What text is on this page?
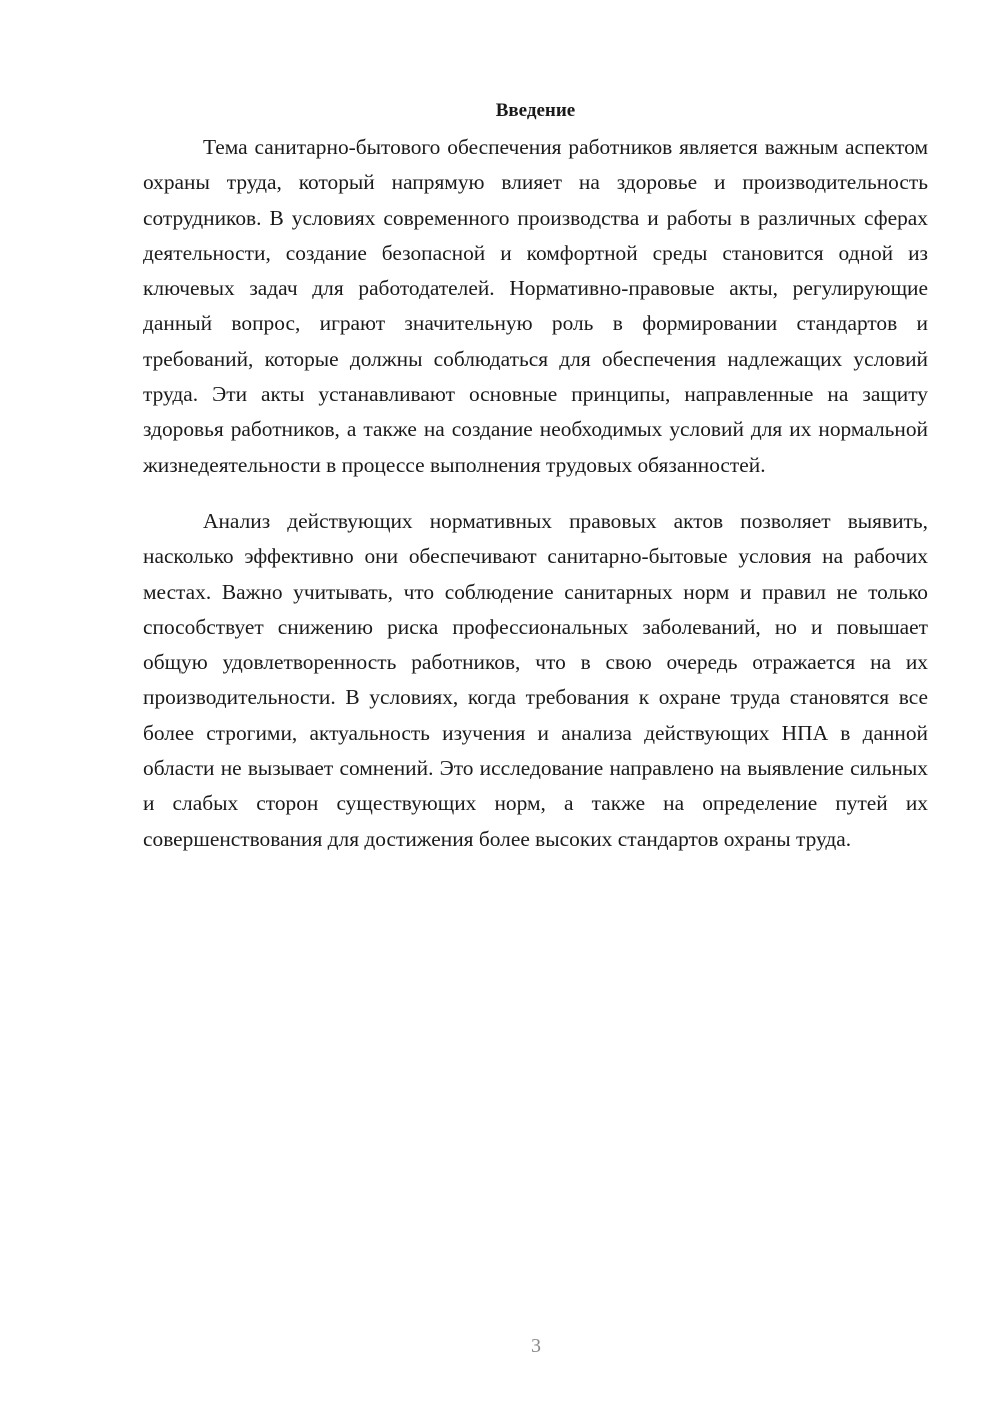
Введение

Тема санитарно-бытового обеспечения работников является важным аспектом охраны труда, который напрямую влияет на здоровье и производительность сотрудников. В условиях современного производства и работы в различных сферах деятельности, создание безопасной и комфортной среды становится одной из ключевых задач для работодателей. Нормативно-правовые акты, регулирующие данный вопрос, играют значительную роль в формировании стандартов и требований, которые должны соблюдаться для обеспечения надлежащих условий труда. Эти акты устанавливают основные принципы, направленные на защиту здоровья работников, а также на создание необходимых условий для их нормальной жизнедеятельности в процессе выполнения трудовых обязанностей.

Анализ действующих нормативных правовых актов позволяет выявить, насколько эффективно они обеспечивают санитарно-бытовые условия на рабочих местах. Важно учитывать, что соблюдение санитарных норм и правил не только способствует снижению риска профессиональных заболеваний, но и повышает общую удовлетворенность работников, что в свою очередь отражается на их производительности. В условиях, когда требования к охране труда становятся все более строгими, актуальность изучения и анализа действующих НПА в данной области не вызывает сомнений. Это исследование направлено на выявление сильных и слабых сторон существующих норм, а также на определение путей их совершенствования для достижения более высоких стандартов охраны труда.

3
